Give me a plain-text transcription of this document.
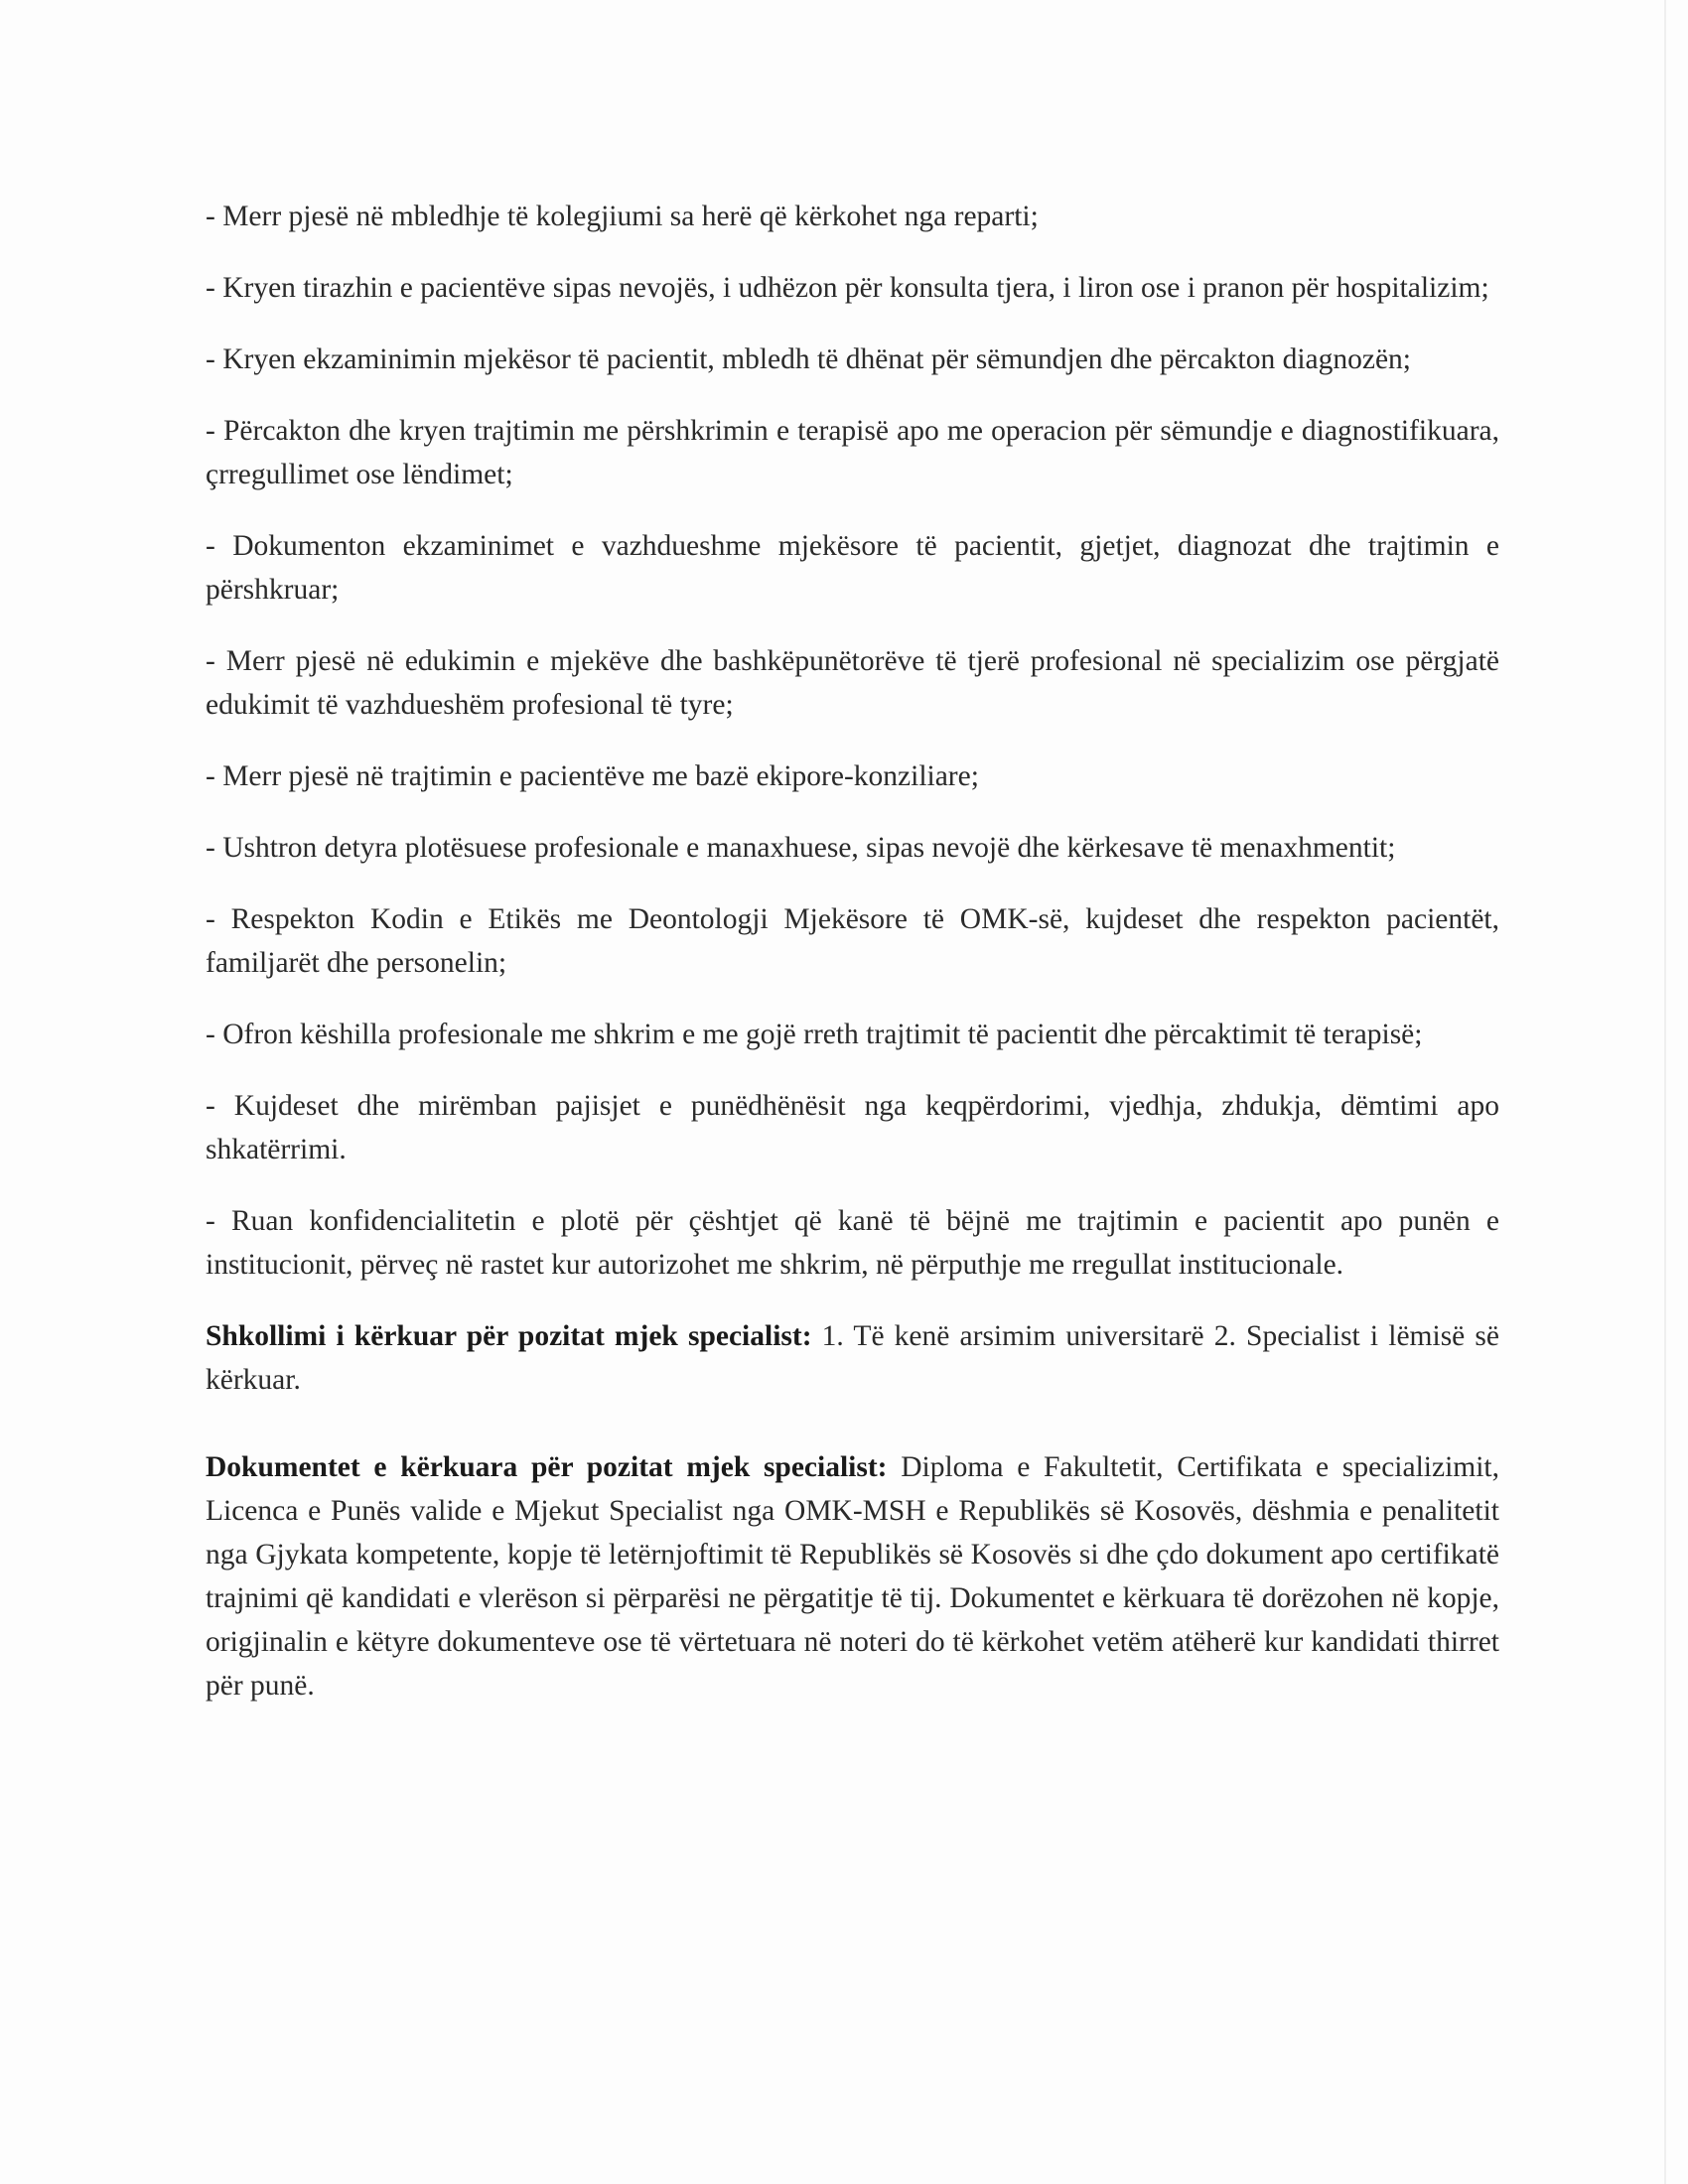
- Merr pjesë në mbledhje të kolegjiumi sa herë që kërkohet nga reparti;

- Kryen tirazhin e pacientëve sipas nevojës, i udhëzon për konsulta tjera, i liron ose i pranon për hospitalizim;

- Kryen ekzaminimin mjekësor të pacientit, mbledh të dhënat për sëmundjen dhe përcakton diagnozën;

- Përcakton dhe kryen trajtimin me përshkrimin e terapisë apo me operacion për sëmundje e diagnostifikuara, çrregullimet ose lëndimet;

- Dokumenton ekzaminimet e vazhdueshme mjekësore të pacientit, gjetjet, diagnozat dhe trajtimin e përshkruar;

- Merr pjesë në edukimin e mjekëve dhe bashkëpunëtorëve të tjerë profesional në specializim ose përgjatë edukimit të vazhdueshëm profesional të tyre;

- Merr pjesë në trajtimin e pacientëve me bazë ekipore-konziliare;

- Ushtron detyra plotësuese profesionale e manaxhuese, sipas nevojë dhe kërkesave të menaxhmentit;

- Respekton Kodin e Etikës me Deontologji Mjekësore të OMK-së, kujdeset dhe respekton pacientët, familjarët dhe personelin;

- Ofron këshilla profesionale me shkrim e me gojë rreth trajtimit të pacientit dhe përcaktimit të terapisë;

- Kujdeset dhe mirëmban pajisjet e punëdhënësit nga keqpërdorimi, vjedhja, zhdukja, dëmtimi apo shkatërrimi.

- Ruan konfidencialitetin e plotë për çështjet që kanë të bëjnë me trajtimin e pacientit apo punën e institucionit, përveç në rastet kur autorizohet me shkrim, në përputhje me rregullat institucionale.

Shkollimi i kërkuar për pozitat mjek specialist: 1. Të kenë arsimim universitarë 2. Specialist i lëmisë së kërkuar.

Dokumentet e kërkuara për pozitat mjek specialist: Diploma e Fakultetit, Certifikata e specializimit, Licenca e Punës valide e Mjekut Specialist nga OMK-MSH e Republikës së Kosovës, dëshmia e penalitetit nga Gjykata kompetente, kopje të letërnjoftimit të Republikës së Kosovës si dhe çdo dokument apo certifikatë trajnimi që kandidati e vlerëson si përparësi ne përgatitje të tij. Dokumentet e kërkuara të dorëzohen në kopje, origjinalin e këtyre dokumenteve ose të vërtetuara në noteri do të kërkohet vetëm atëherë kur kandidati thirret për punë.
